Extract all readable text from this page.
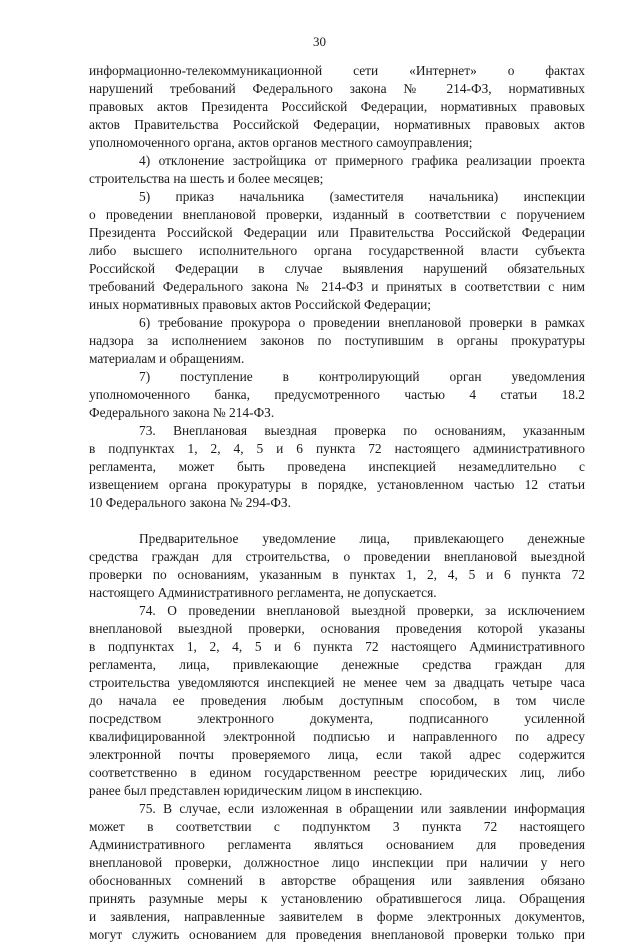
30
информационно-телекоммуникационной сети «Интернет» о фактах
нарушений требований Федерального закона № 214-ФЗ, нормативных
правовых актов Президента Российской Федерации, нормативных правовых
актов Правительства Российской Федерации, нормативных правовых актов
уполномоченного органа, актов органов местного самоуправления;
4) отклонение застройщика от примерного графика реализации проекта
строительства на шесть и более месяцев;
5) приказ начальника (заместителя начальника) инспекции
о проведении внеплановой проверки, изданный в соответствии с поручением
Президента Российской Федерации или Правительства Российской Федерации
либо высшего исполнительного органа государственной власти субъекта
Российской Федерации в случае выявления нарушений обязательных
требований Федерального закона № 214-ФЗ и принятых в соответствии с ним
иных нормативных правовых актов Российской Федерации;
6) требование прокурора о проведении внеплановой проверки в рамках
надзора за исполнением законов по поступившим в органы прокуратуры
материалам и обращениям.
7) поступление в контролирующий орган уведомления
уполномоченного банка, предусмотренного частью 4 статьи 18.2
Федерального закона № 214-ФЗ.
73. Внеплановая выездная проверка по основаниям, указанным
в подпунктах 1, 2, 4, 5 и 6 пункта 72 настоящего административного
регламента, может быть проведена инспекцией незамедлительно с
извещением органа прокуратуры в порядке, установленном частью 12 статьи
10 Федерального закона № 294-ФЗ.
Предварительное уведомление лица, привлекающего денежные
средства граждан для строительства, о проведении внеплановой выездной
проверки по основаниям, указанным в пунктах 1, 2, 4, 5 и 6 пункта 72
настоящего Административного регламента, не допускается.
74. О проведении внеплановой выездной проверки, за исключением
внеплановой выездной проверки, основания проведения которой указаны
в подпунктах 1, 2, 4, 5 и 6 пункта 72 настоящего Административного
регламента, лица, привлекающие денежные средства граждан для
строительства уведомляются инспекцией не менее чем за двадцать четыре часа
до начала ее проведения любым доступным способом, в том числе
посредством электронного документа, подписанного усиленной
квалифицированной электронной подписью и направленного по адресу
электронной почты проверяемого лица, если такой адрес содержится
соответственно в едином государственном реестре юридических лиц, либо
ранее был представлен юридическим лицом в инспекцию.
75. В случае, если изложенная в обращении или заявлении информация
может в соответствии с подпунктом 3 пункта 72 настоящего
Административного регламента являться основанием для проведения
внеплановой проверки, должностное лицо инспекции при наличии у него
обоснованных сомнений в авторстве обращения или заявления обязано
принять разумные меры к установлению обратившегося лица. Обращения
и заявления, направленные заявителем в форме электронных документов,
могут служить основанием для проведения внеплановой проверки только при
